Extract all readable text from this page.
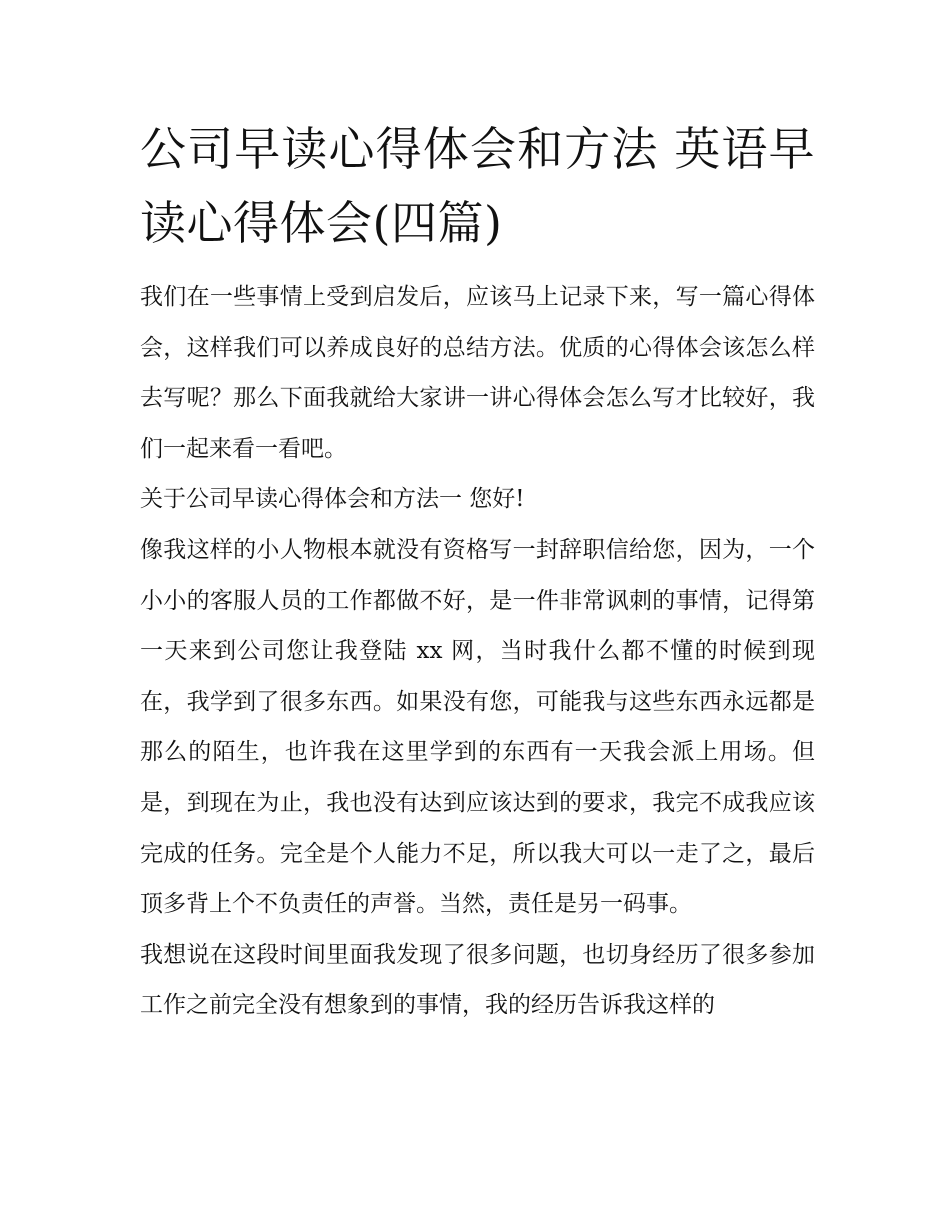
公司早读心得体会和方法 英语早读心得体会(四篇)

我们在一些事情上受到启发后，应该马上记录下来，写一篇心得体会，这样我们可以养成良好的总结方法。优质的心得体会该怎么样去写呢？那么下面我就给大家讲一讲心得体会怎么写才比较好，我们一起来看一看吧。

关于公司早读心得体会和方法一 您好!

像我这样的小人物根本就没有资格写一封辞职信给您，因为，一个小小的客服人员的工作都做不好，是一件非常讽刺的事情，记得第一天来到公司您让我登陆 xx 网，当时我什么都不懂的时候到现在，我学到了很多东西。如果没有您，可能我与这些东西永远都是那么的陌生，也许我在这里学到的东西有一天我会派上用场。但是，到现在为止，我也没有达到应该达到的要求，我完不成我应该完成的任务。完全是个人能力不足，所以我大可以一走了之，最后顶多背上个不负责任的声誉。当然，责任是另一码事。

我想说在这段时间里面我发现了很多问题，也切身经历了很多参加工作之前完全没有想象到的事情，我的经历告诉我这样的
